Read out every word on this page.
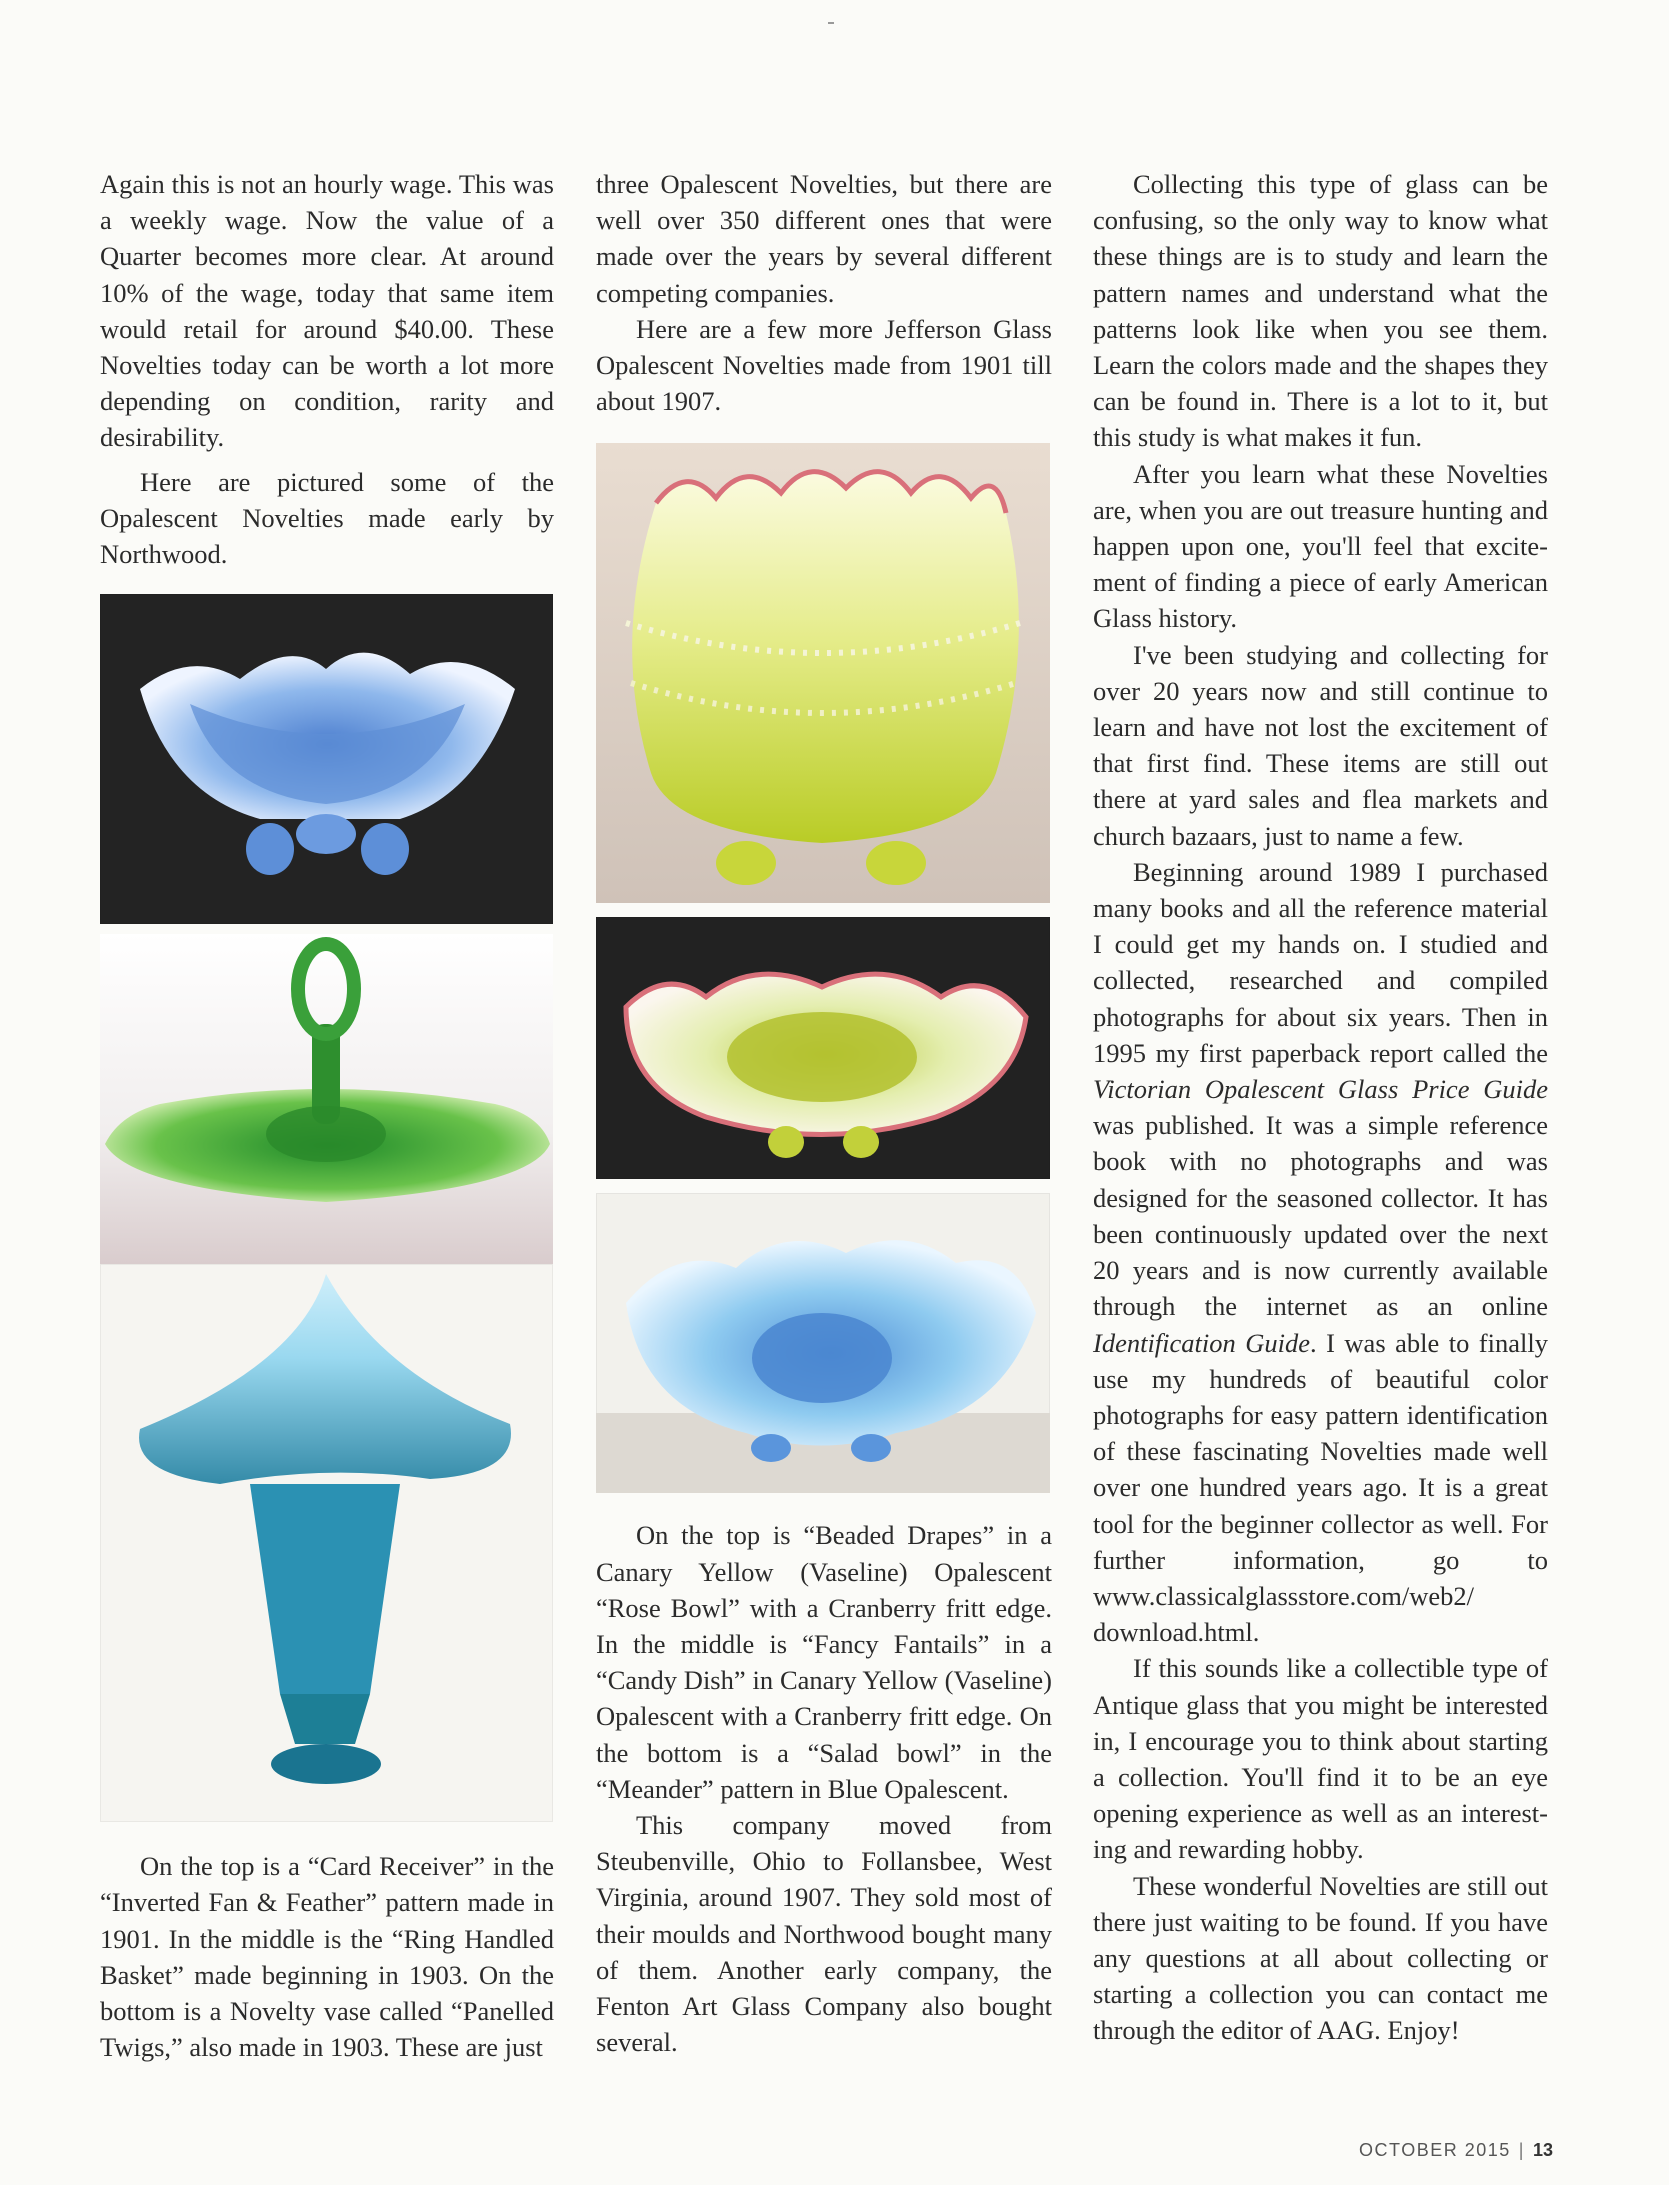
Again this is not an hourly wage. This was a weekly wage. Now the value of a Quarter becomes more clear. At around 10% of the wage, today that same item would retail for around $40.00. These Novelties today can be worth a lot more depending on condition, rarity and desirability.

Here are pictured some of the Opalescent Novelties made early by Northwood.

On the top is a “Card Receiver” in the “Inverted Fan & Feather” pattern made in 1901. In the middle is the “Ring Handled Basket” made beginning in 1903. On the bottom is a Novelty vase called “Panelled Twigs,” also made in 1903. These are just

three Opalescent Novelties, but there are well over 350 different ones that were made over the years by several different competing companies.

Here are a few more Jefferson Glass Opalescent Novelties made from 1901 till about 1907.

On the top is “Beaded Drapes” in a Canary Yellow (Vaseline) Opalescent “Rose Bowl” with a Cranberry fritt edge. In the middle is “Fancy Fantails” in a “Candy Dish” in Canary Yellow (Vaseline) Opalescent with a Cranberry fritt edge. On the bottom is a “Salad bowl” in the “Meander” pattern in Blue Opalescent.

This company moved from Steubenville, Ohio to Follansbee, West Virginia, around 1907. They sold most of their moulds and Northwood bought many of them. Another early company, the Fenton Art Glass Company also bought several.

Collecting this type of glass can be confusing, so the only way to know what these things are is to study and learn the pattern names and understand what the patterns look like when you see them. Learn the colors made and the shapes they can be found in. There is a lot to it, but this study is what makes it fun.

After you learn what these Novelties are, when you are out treasure hunting and happen upon one, you'll feel that excitement of finding a piece of early American Glass history.

I've been studying and collecting for over 20 years now and still continue to learn and have not lost the excitement of that first find. These items are still out there at yard sales and flea markets and church bazaars, just to name a few.

Beginning around 1989 I purchased many books and all the reference material I could get my hands on. I studied and collected, researched and compiled photographs for about six years. Then in 1995 my first paperback report called the Victorian Opalescent Glass Price Guide was published. It was a simple reference book with no photographs and was designed for the seasoned collector. It has been continuously updated over the next 20 years and is now currently available through the internet as an online Identification Guide. I was able to finally use my hundreds of beautiful color photographs for easy pattern identification of these fascinating Novelties made well over one hundred years ago. It is a great tool for the beginner collector as well. For further information, go to www.classicalglassstore.com/web2/ download.html.

If this sounds like a collectible type of Antique glass that you might be interested in, I encourage you to think about starting a collection. You'll find it to be an eye opening experience as well as an interesting and rewarding hobby.

These wonderful Novelties are still out there just waiting to be found. If you have any questions at all about collecting or starting a collection you can contact me through the editor of AAG. Enjoy!

OCTOBER 2015 | 13
